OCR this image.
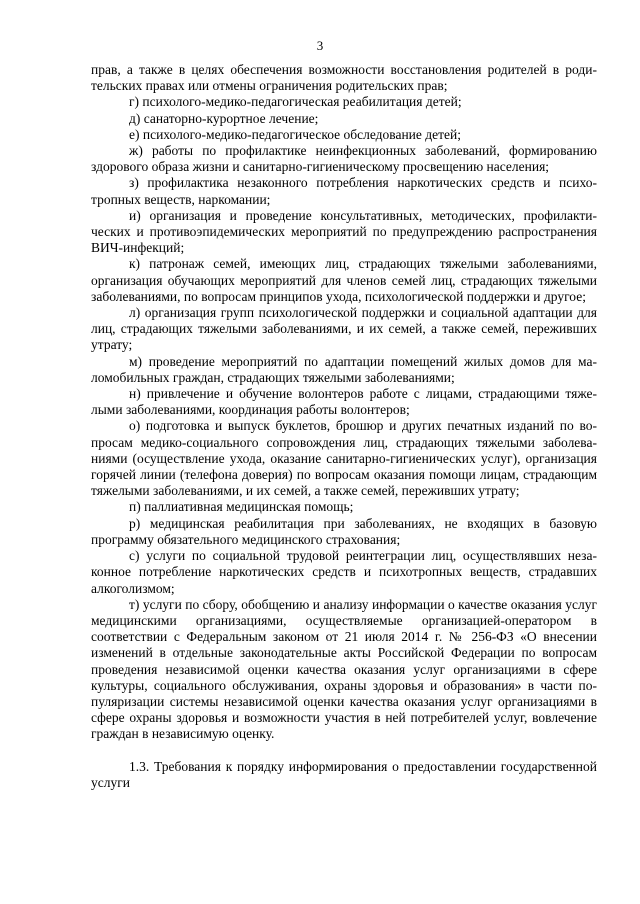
3

прав, а также в целях обеспечения возможности восстановления родителей в родительских правах или отмены ограничения родительских прав;

г) психолого-медико-педагогическая реабилитация детей;

д) санаторно-курортное лечение;

е) психолого-медико-педагогическое обследование детей;

ж) работы по профилактике неинфекционных заболеваний, формированию здорового образа жизни и санитарно-гигиеническому просвещению населения;

з) профилактика незаконного потребления наркотических средств и психотропных веществ, наркомании;

и) организация и проведение консультативных, методических, профилактических и противоэпидемических мероприятий по предупреждению распространения ВИЧ-инфекций;

к) патронаж семей, имеющих лиц, страдающих тяжелыми заболеваниями, организация обучающих мероприятий для членов семей лиц, страдающих тяжелыми заболеваниями, по вопросам принципов ухода, психологической поддержки и другое;

л) организация групп психологической поддержки и социальной адаптации для лиц, страдающих тяжелыми заболеваниями, и их семей, а также семей, переживших утрату;

м) проведение мероприятий по адаптации помещений жилых домов для маломобильных граждан, страдающих тяжелыми заболеваниями;

н) привлечение и обучение волонтеров работе с лицами, страдающими тяжелыми заболеваниями, координация работы волонтеров;

о) подготовка и выпуск буклетов, брошюр и других печатных изданий по вопросам медико-социального сопровождения лиц, страдающих тяжелыми заболеваниями (осуществление ухода, оказание санитарно-гигиенических услуг), организация горячей линии (телефона доверия) по вопросам оказания помощи лицам, страдающим тяжелыми заболеваниями, и их семей, а также семей, переживших утрату;

п) паллиативная медицинская помощь;

р) медицинская реабилитация при заболеваниях, не входящих в базовую программу обязательного медицинского страхования;

с) услуги по социальной трудовой реинтеграции лиц, осуществлявших незаконное потребление наркотических средств и психотропных веществ, страдавших алкоголизмом;

т) услуги по сбору, обобщению и анализу информации о качестве оказания услуг медицинскими организациями, осуществляемые организацией-оператором в соответствии с Федеральным законом от 21 июля 2014 г. № 256-ФЗ «О внесении изменений в отдельные законодательные акты Российской Федерации по вопросам проведения независимой оценки качества оказания услуг организациями в сфере культуры, социального обслуживания, охраны здоровья и образования» в части популяризации системы независимой оценки качества оказания услуг организациями в сфере охраны здоровья и возможности участия в ней потребителей услуг, вовлечение граждан в независимую оценку.

1.3. Требования к порядку информирования о предоставлении государственной услуги
